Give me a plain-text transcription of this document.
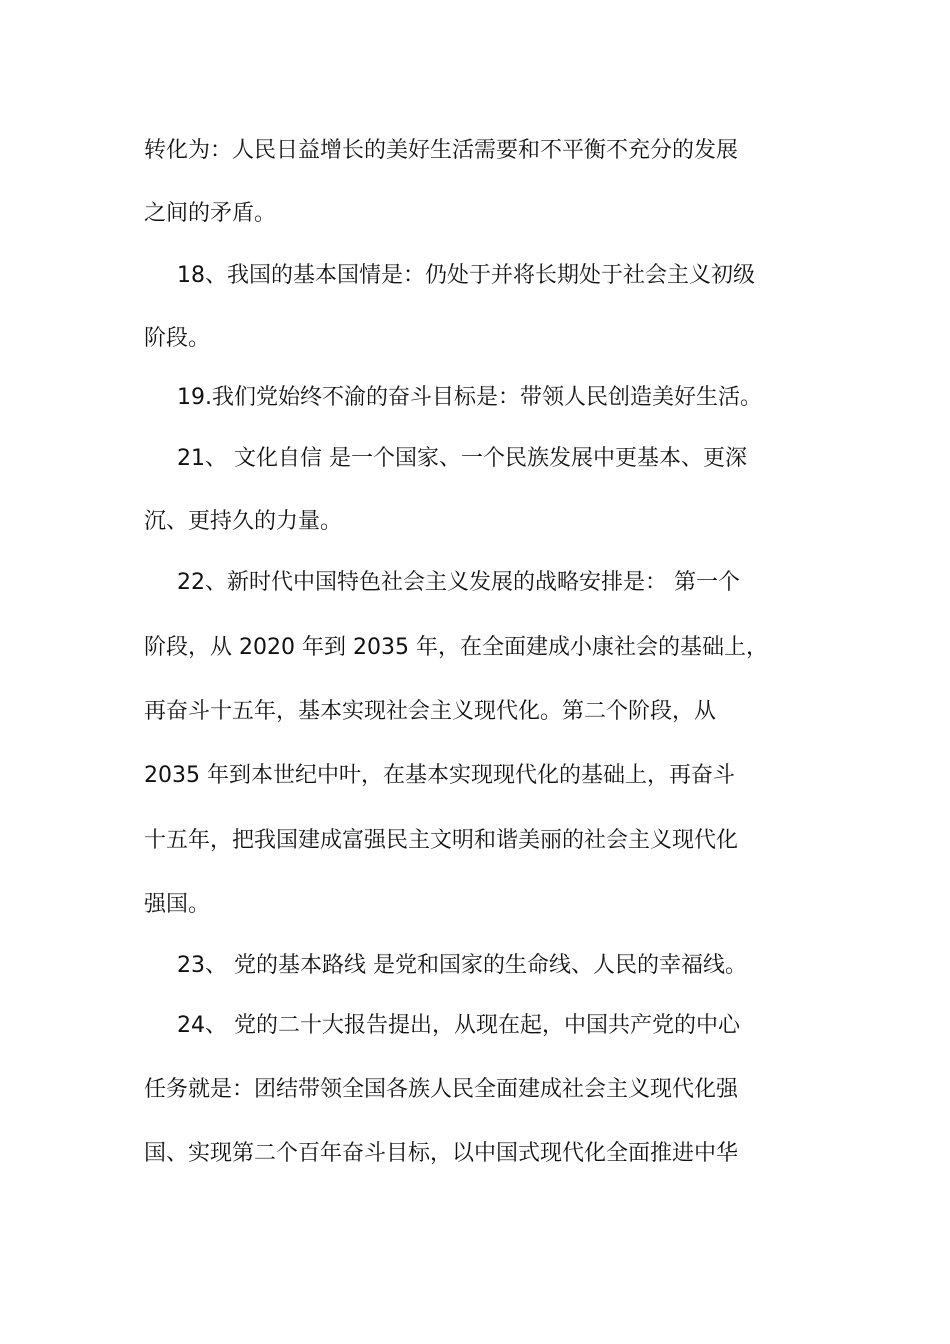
转化为：人民日益增长的美好生活需要和不平衡不充分的发展
之间的矛盾。
18、我国的基本国情是：仍处于并将长期处于社会主义初级
阶段。
19.我们党始终不渝的奋斗目标是：带领人民创造美好生活。
21、 文化自信 是一个国家、一个民族发展中更基本、更深
沉、更持久的力量。
22、新时代中国特色社会主义发展的战略安排是： 第一个
阶段，从 2020 年到 2035 年，在全面建成小康社会的基础上，
再奋斗十五年，基本实现社会主义现代化。第二个阶段，从
2035 年到本世纪中叶，在基本实现现代化的基础上，再奋斗
十五年，把我国建成富强民主文明和谐美丽的社会主义现代化
强国。
23、 党的基本路线 是党和国家的生命线、人民的幸福线。
24、 党的二十大报告提出，从现在起，中国共产党的中心
任务就是：团结带领全国各族人民全面建成社会主义现代化强
国、实现第二个百年奋斗目标，以中国式现代化全面推进中华
